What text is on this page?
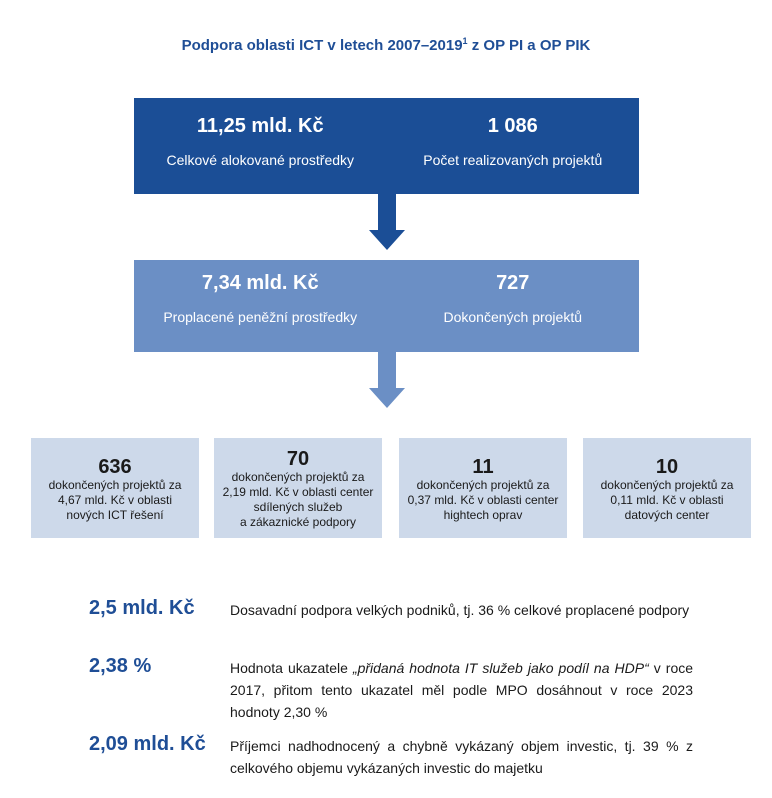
Podpora oblasti ICT v letech 2007–2019$^1$ z OP PI a OP PIK
11,25 mld. Kč
Celkové alokované prostředky
1 086
Počet realizovaných projektů
7,34 mld. Kč
Proplacené peněžní prostředky
727
Dokončených projektů
636
dokončených projektů za
4,67 mld. Kč v oblasti
nových ICT řešení
70
dokončených projektů za
2,19 mld. Kč v oblasti center
sdílených služeb
a zákaznické podpory
11
dokončených projektů za
0,37 mld. Kč v oblasti center
hightech oprav
10
dokončených projektů za
0,11 mld. Kč v oblasti
datových center
2,5 mld. Kč	Dosavadní podpora velkých podniků, tj. 36 % celkové proplacené podpory
2,38 %	Hodnota ukazatele „přidaná hodnota IT služeb jako podíl na HDP“ v roce 2017, přitom tento ukazatel měl podle MPO dosáhnout v roce 2023 hodnoty 2,30 %
2,09 mld. Kč Příjemci nadhodnocený a chybně vykázaný objem investic, tj. 39 % z celkového objemu vykázaných investic do majetku
